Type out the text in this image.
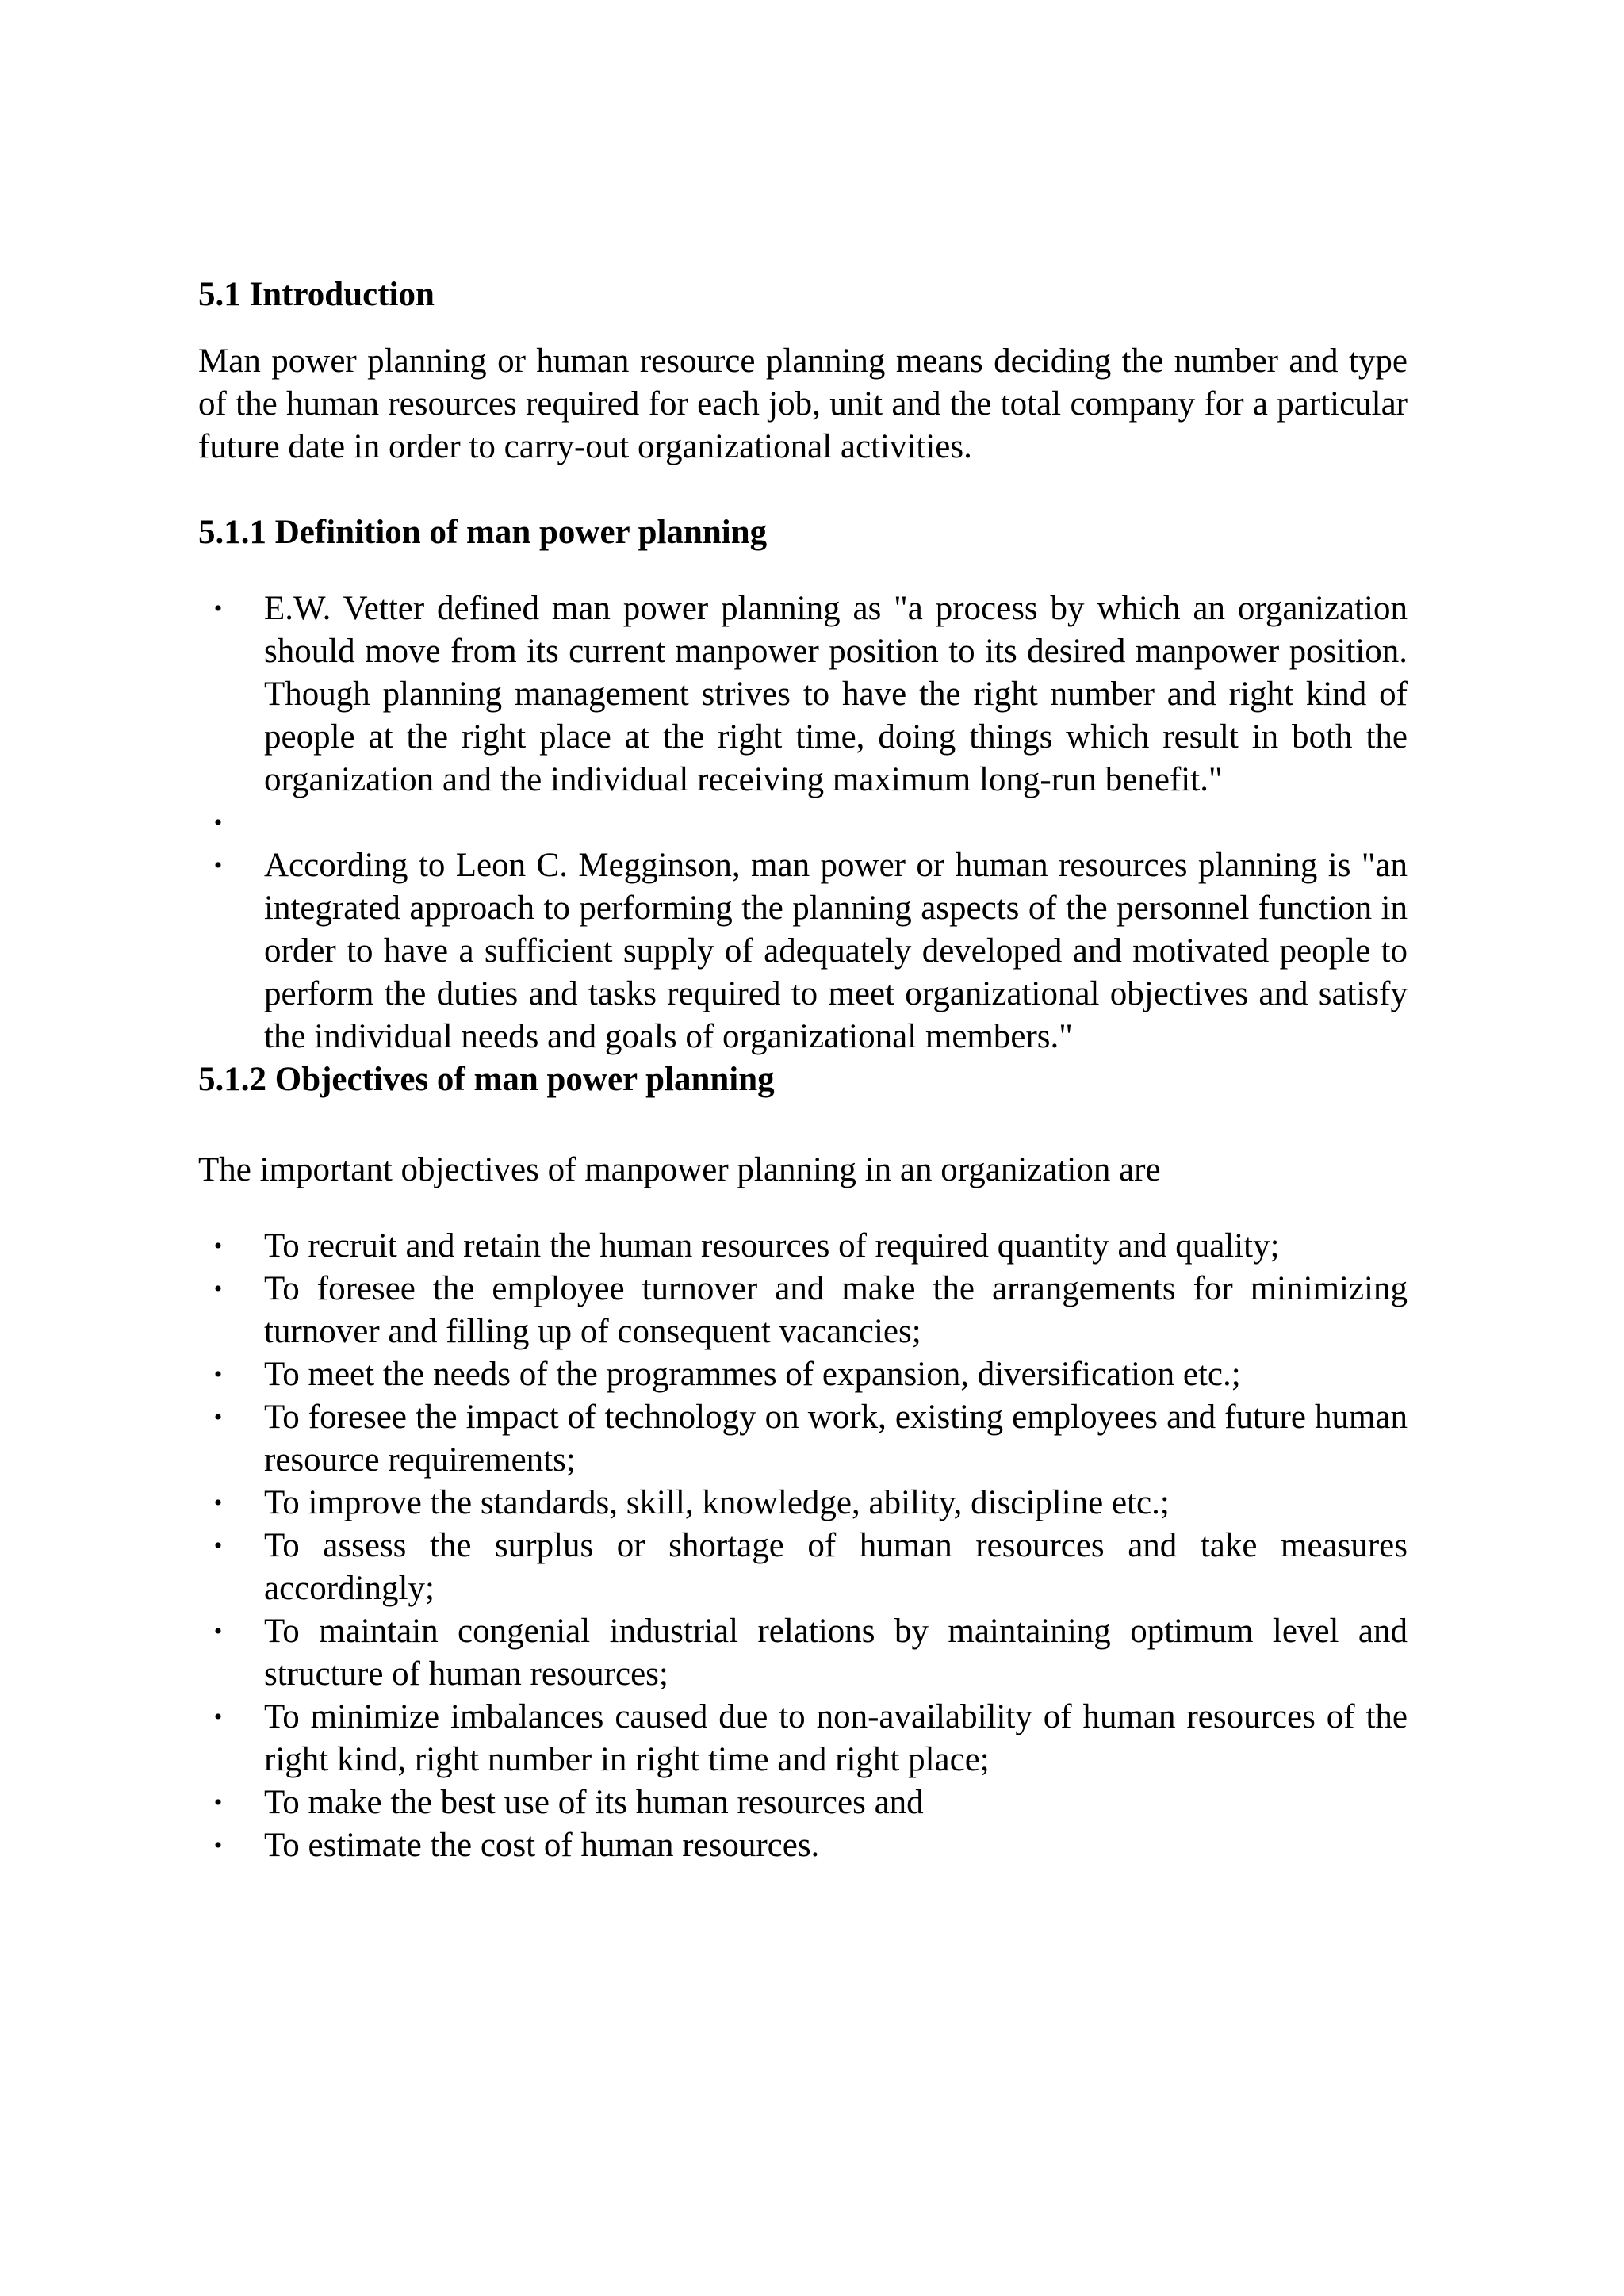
5.1 Introduction

Man power planning or human resource planning means deciding the number and type of the human resources required for each job, unit and the total company for a particular future date in order to carry-out organizational activities.

5.1.1 Definition of man power planning
• E.W. Vetter defined man power planning as "a process by which an organization should move from its current manpower position to its desired manpower position. Though planning management strives to have the right number and right kind of people at the right place at the right time, doing things which result in both the organization and the individual receiving maximum long-run benefit."
•
• According to Leon C. Megginson, man power or human resources planning is "an integrated approach to performing the planning aspects of the personnel function in order to have a sufficient supply of adequately developed and motivated people to perform the duties and tasks required to meet organizational objectives and satisfy the individual needs and goals of organizational members."
5.1.2 Objectives of man power planning

The important objectives of manpower planning in an organization are

• To recruit and retain the human resources of required quantity and quality;
• To foresee the employee turnover and make the arrangements for minimizing turnover and filling up of consequent vacancies;
• To meet the needs of the programmes of expansion, diversification etc.;
• To foresee the impact of technology on work, existing employees and future human resource requirements;
• To improve the standards, skill, knowledge, ability, discipline etc.;
• To assess the surplus or shortage of human resources and take measures accordingly;
• To maintain congenial industrial relations by maintaining optimum level and structure of human resources;
• To minimize imbalances caused due to non-availability of human resources of the right kind, right number in right time and right place;
• To make the best use of its human resources and
• To estimate the cost of human resources.
